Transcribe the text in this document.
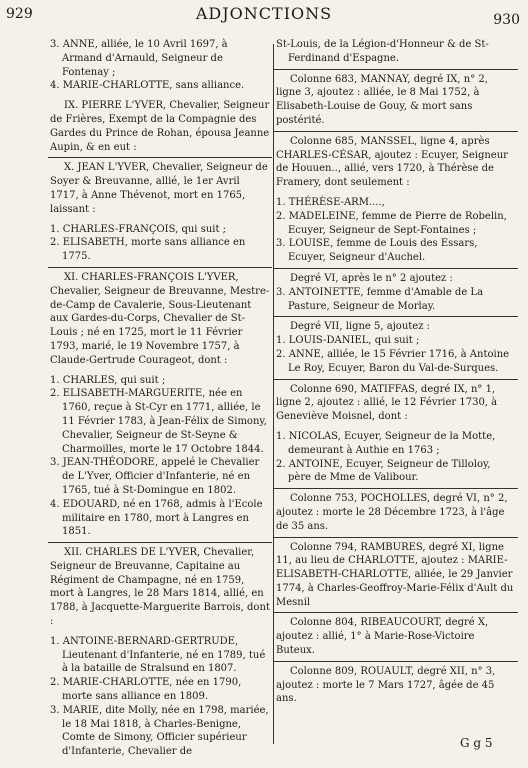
929	ADJONCTIONS	930
3. ANNE, alliée, le 10 Avril 1697, à Armand d'Arnauld, Seigneur de Fontenay ;
4. MARIE-CHARLOTTE, sans alliance.
IX. PIERRE L'YVER, Chevalier, Seigneur de Frières, Exempt de la Compagnie des Gardes du Prince de Rohan, épousa Jeanne Aupin, & en eut :
X. JEAN L'YVER, Chevalier, Seigneur de Soyer & Breuvanne, allié, le 1er Avril 1717, à Anne Thévenot, mort en 1765, laissant :
1. CHARLES-FRANÇOIS, qui suit ;
2. ELISABETH, morte sans alliance en 1775.
XI. CHARLES-FRANÇOIS L'YVER, Chevalier, Seigneur de Breuvanne, Mestre-de-Camp de Cavalerie, Sous-Lieutenant aux Gardes-du-Corps, Chevalier de St-Louis ; né en 1725, mort le 11 Février 1793, marié, le 19 Novembre 1757, à Claude-Gertrude Courageot, dont :
1. CHARLES, qui suit ;
2. ELISABETH-MARGUERITE, née en 1760, reçue à St-Cyr en 1771, alliée, le 11 Février 1783, à Jean-Félix de Simony, Chevalier, Seigneur de St-Seyne & Charmoilles, morte le 17 Octobre 1844.
3. JEAN-THÉODORE, appelé le Chevalier de L'Yver, Officier d'Infanterie, né en 1765, tué à St-Domingue en 1802.
4. EDOUARD, né en 1768, admis à l'Ecole militaire en 1780, mort à Langres en 1851.
XII. CHARLES DE L'YVER, Chevalier, Seigneur de Breuvanne, Capitaine au Régiment de Champagne, né en 1759, mort à Langres, le 28 Mars 1814, allié, en 1788, à Jacquette-Marguerite Barrois, dont :
1. ANTOINE-BERNARD-GERTRUDE, Lieutenant d'Infanterie, né en 1789, tué à la bataille de Stralsund en 1807.
2. MARIE-CHARLOTTE, née en 1790, morte sans alliance en 1809.
3. MARIE, dite Molly, née en 1798, mariée, le 18 Mai 1818, à Charles-Benigne, Comte de Simony, Officier supérieur d'Infanterie, Chevalier de
St-Louis, de la Légion-d'Honneur & de St-Ferdinand d'Espagne.
Colonne 683, MANNAY, degré IX, n° 2, ligne 3, ajoutez : alliée, le 8 Mai 1752, à Elisabeth-Louise de Gouy, & mort sans postérité.
Colonne 685, MANSSEL, ligne 4, après CHARLES-CÉSAR, ajoutez : Ecuyer, Seigneur de Houuen.., allié, vers 1720, à Thérèse de Framery, dont seulement :
1. THÉRÈSE-ARM....,
2. MADELEINE, femme de Pierre de Robelin, Ecuyer, Seigneur de Sept-Fontaines ;
3. LOUISE, femme de Louis des Essars, Ecuyer, Seigneur d'Auchel.
Degré VI, après le n° 2 ajoutez :
3. ANTOINETTE, femme d'Amable de La Pasture, Seigneur de Morlay.
Degré VII, ligne 5, ajoutez :
1. LOUIS-DANIEL, qui suit ;
2. ANNE, alliée, le 15 Février 1716, à Antoine Le Roy, Ecuyer, Baron du Val-de-Surques.
Colonne 690, MATIFFAS, degré IX, n° 1, ligne 2, ajoutez : allié, le 12 Février 1730, à Geneviève Moisnel, dont :
1. NICOLAS, Ecuyer, Seigneur de la Motte, demeurant à Authie en 1763 ;
2. ANTOINE, Ecuyer, Seigneur de Tilloloy, père de Mme de Valibour.
Colonne 753, POCHOLLES, degré VI, n° 2, ajoutez : morte le 28 Décembre 1723, à l'âge de 35 ans.
Colonne 794, RAMBURES, degré XI, ligne 11, au lieu de CHARLOTTE, ajoutez : MARIE-ELISABETH-CHARLOTTE, alliée, le 29 Janvier 1774, à Charles-Geoffroy-Marie-Félix d'Ault du Mesnil
Colonne 804, RIBEAUCOURT, degré X, ajoutez : allié, 1° à Marie-Rose-Victoire Buteux.
Colonne 809, ROUAULT, degré XII, n° 3, ajoutez : morte le 7 Mars 1727, âgée de 45 ans.
G g 5
